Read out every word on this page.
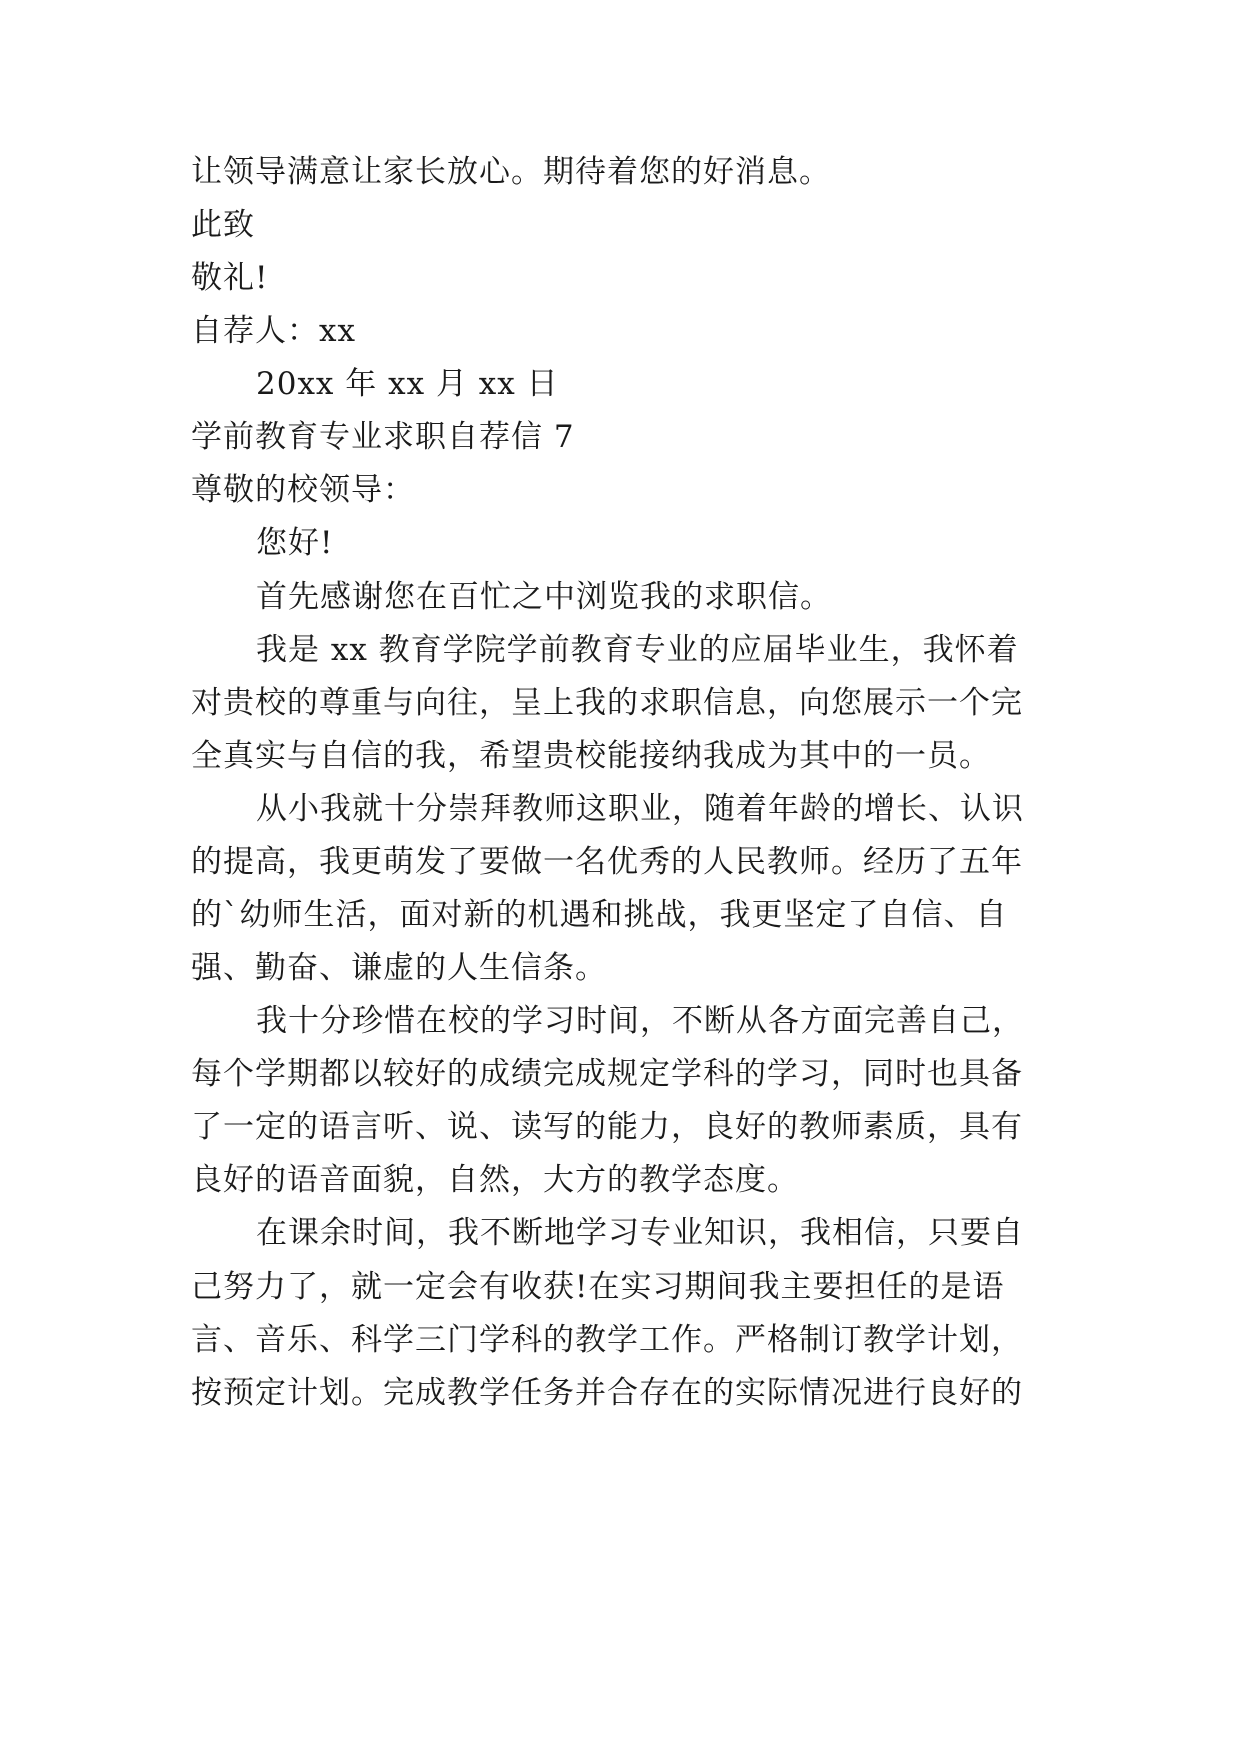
让领导满意让家长放心。期待着您的好消息。
此致
敬礼!
自荐人：xx
20xx 年 xx 月 xx 日
学前教育专业求职自荐信 7
尊敬的校领导：
您好!
首先感谢您在百忙之中浏览我的求职信。
我是 xx 教育学院学前教育专业的应届毕业生，我怀着
对贵校的尊重与向往，呈上我的求职信息，向您展示一个完
全真实与自信的我，希望贵校能接纳我成为其中的一员。
从小我就十分崇拜教师这职业，随着年龄的增长、认识
的提高，我更萌发了要做一名优秀的人民教师。经历了五年
的`幼师生活，面对新的机遇和挑战，我更坚定了自信、自
强、勤奋、谦虚的人生信条。
我十分珍惜在校的学习时间，不断从各方面完善自己，
每个学期都以较好的成绩完成规定学科的学习，同时也具备
了一定的语言听、说、读写的能力，良好的教师素质，具有
良好的语音面貌，自然，大方的教学态度。
在课余时间，我不断地学习专业知识，我相信，只要自
己努力了，就一定会有收获!在实习期间我主要担任的是语
言、音乐、科学三门学科的教学工作。严格制订教学计划，
按预定计划。完成教学任务并合存在的实际情况进行良好的
